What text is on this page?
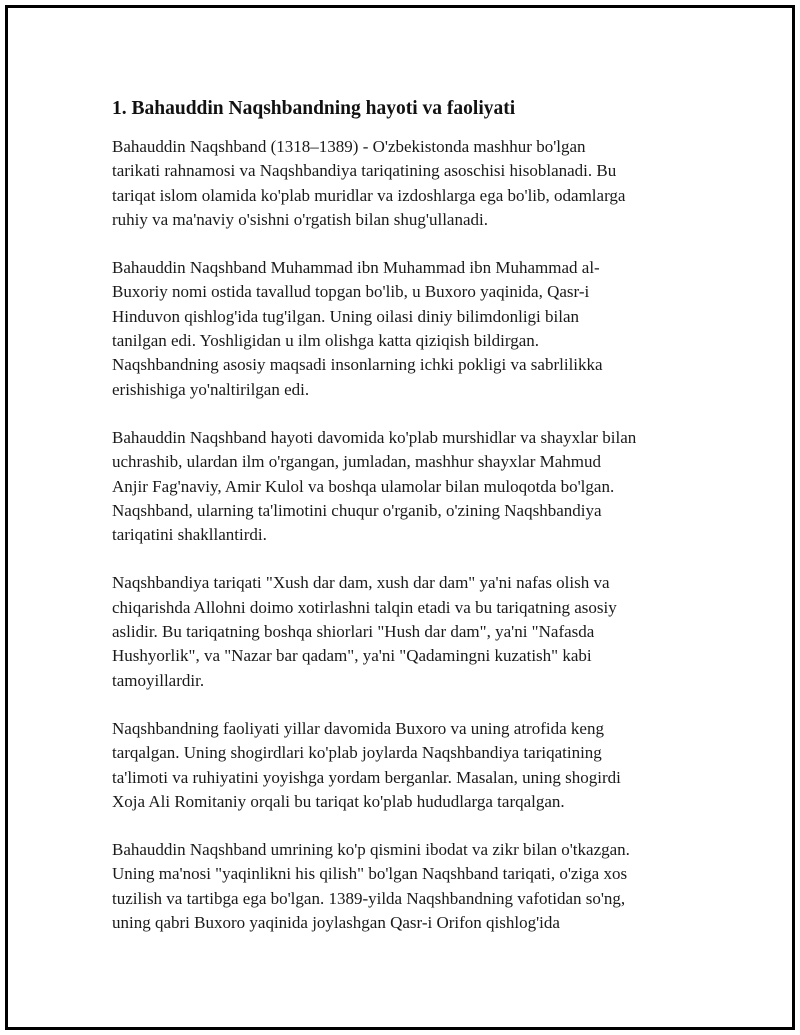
1. Bahauddin Naqshbandning hayoti va faoliyati

Bahauddin Naqshband (1318–1389) - O'zbekistonda mashhur bo'lgan
tarikati rahnamosi va Naqshbandiya tariqatining asoschisi hisoblanadi. Bu
tariqat islom olamida ko'plab muridlar va izdoshlarga ega bo'lib, odamlarga
ruhiy va ma'naviy o'sishni o'rgatish bilan shug'ullanadi.

Bahauddin Naqshband Muhammad ibn Muhammad ibn Muhammad al-
Buxoriy nomi ostida tavallud topgan bo'lib, u Buxoro yaqinida, Qasr-i
Hinduvon qishlog'ida tug'ilgan. Uning oilasi diniy bilimdonligi bilan
tanilgan edi. Yoshligidan u ilm olishga katta qiziqish bildirgan.
Naqshbandning asosiy maqsadi insonlarning ichki pokligi va sabrlilikka
erishishiga yo'naltirilgan edi.

Bahauddin Naqshband hayoti davomida ko'plab murshidlar va shayxlar bilan
uchrashib, ulardan ilm o'rgangan, jumladan, mashhur shayxlar Mahmud
Anjir Fag'naviy, Amir Kulol va boshqa ulamolar bilan muloqotda bo'lgan.
Naqshband, ularning ta'limotini chuqur o'rganib, o'zining Naqshbandiya
tariqatini shakllantirdi.

Naqshbandiya tariqati "Xush dar dam, xush dar dam" ya'ni nafas olish va
chiqarishda Allohni doimo xotirlashni talqin etadi va bu tariqatning asosiy
aslidir. Bu tariqatning boshqa shiorlari "Hush dar dam", ya'ni "Nafasda
Hushyorlik", va "Nazar bar qadam", ya'ni "Qadamingni kuzatish" kabi
tamoyillardir.

Naqshbandning faoliyati yillar davomida Buxoro va uning atrofida keng
tarqalgan. Uning shogirdlari ko'plab joylarda Naqshbandiya tariqatining
ta'limoti va ruhiyatini yoyishga yordam berganlar. Masalan, uning shogirdi
Xoja Ali Romitaniy orqali bu tariqat ko'plab hududlarga tarqalgan.

Bahauddin Naqshband umrining ko'p qismini ibodat va zikr bilan o'tkazgan.
Uning ma'nosi "yaqinlikni his qilish" bo'lgan Naqshband tariqati, o'ziga xos
tuzilish va tartibga ega bo'lgan. 1389-yilda Naqshbandning vafotidan so'ng,
uning qabri Buxoro yaqinida joylashgan Qasr-i Orifon qishlog'ida
